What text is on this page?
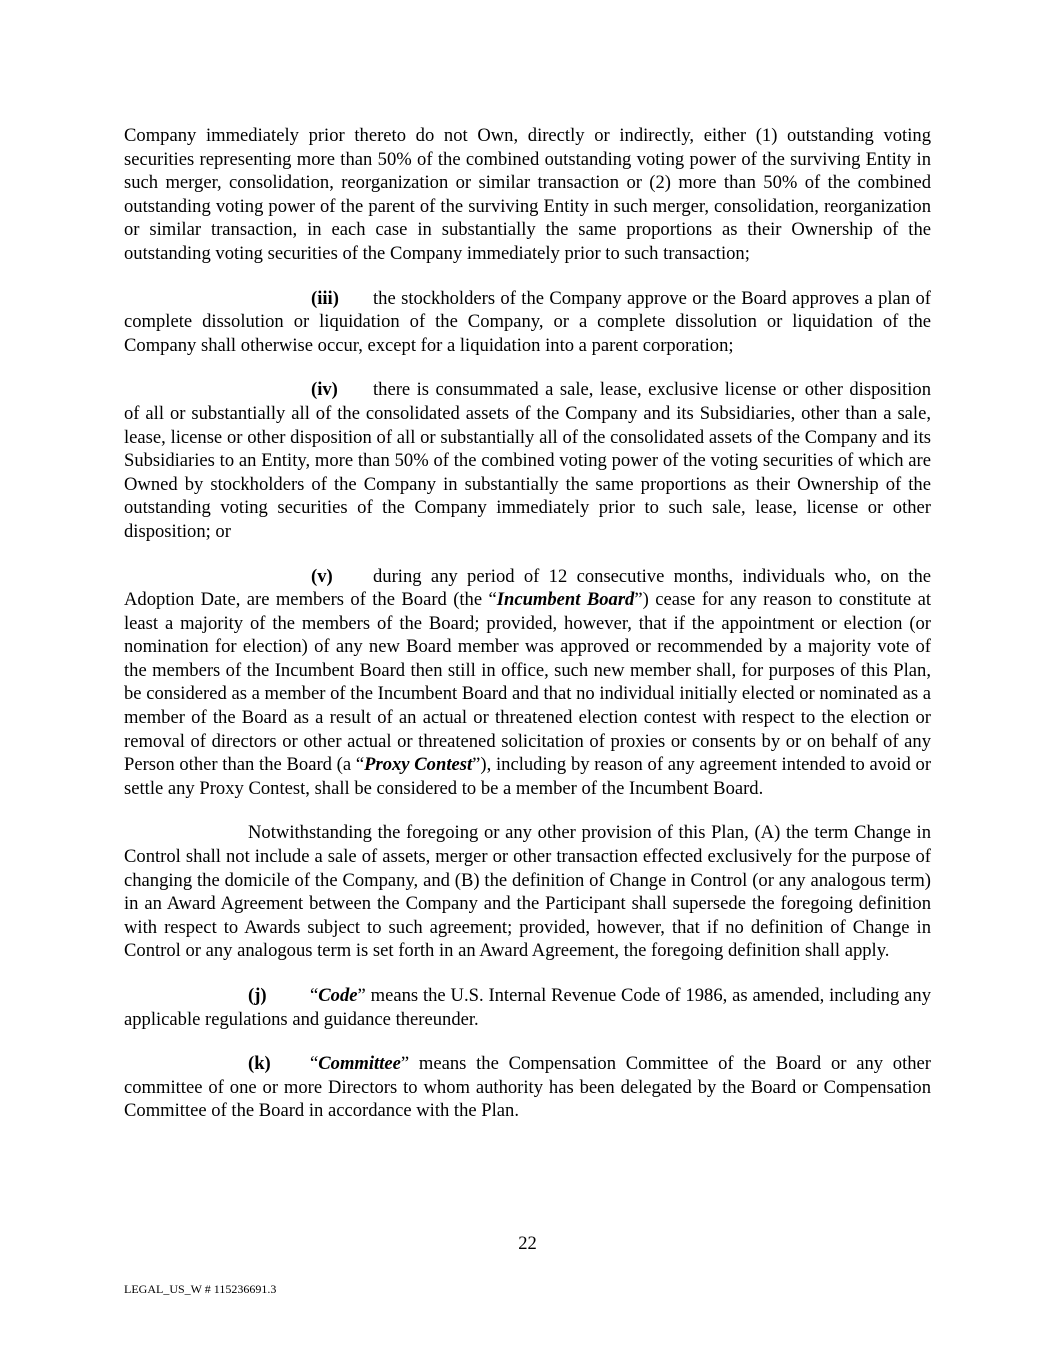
Company immediately prior thereto do not Own, directly or indirectly, either (1) outstanding voting securities representing more than 50% of the combined outstanding voting power of the surviving Entity in such merger, consolidation, reorganization or similar transaction or (2) more than 50% of the combined outstanding voting power of the parent of the surviving Entity in such merger, consolidation, reorganization or similar transaction, in each case in substantially the same proportions as their Ownership of the outstanding voting securities of the Company immediately prior to such transaction;

(iii) the stockholders of the Company approve or the Board approves a plan of complete dissolution or liquidation of the Company, or a complete dissolution or liquidation of the Company shall otherwise occur, except for a liquidation into a parent corporation;

(iv) there is consummated a sale, lease, exclusive license or other disposition of all or substantially all of the consolidated assets of the Company and its Subsidiaries, other than a sale, lease, license or other disposition of all or substantially all of the consolidated assets of the Company and its Subsidiaries to an Entity, more than 50% of the combined voting power of the voting securities of which are Owned by stockholders of the Company in substantially the same proportions as their Ownership of the outstanding voting securities of the Company immediately prior to such sale, lease, license or other disposition; or

(v) during any period of 12 consecutive months, individuals who, on the Adoption Date, are members of the Board (the “Incumbent Board”) cease for any reason to constitute at least a majority of the members of the Board; provided, however, that if the appointment or election (or nomination for election) of any new Board member was approved or recommended by a majority vote of the members of the Incumbent Board then still in office, such new member shall, for purposes of this Plan, be considered as a member of the Incumbent Board and that no individual initially elected or nominated as a member of the Board as a result of an actual or threatened election contest with respect to the election or removal of directors or other actual or threatened solicitation of proxies or consents by or on behalf of any Person other than the Board (a “Proxy Contest”), including by reason of any agreement intended to avoid or settle any Proxy Contest, shall be considered to be a member of the Incumbent Board.

Notwithstanding the foregoing or any other provision of this Plan, (A) the term Change in Control shall not include a sale of assets, merger or other transaction effected exclusively for the purpose of changing the domicile of the Company, and (B) the definition of Change in Control (or any analogous term) in an Award Agreement between the Company and the Participant shall supersede the foregoing definition with respect to Awards subject to such agreement; provided, however, that if no definition of Change in Control or any analogous term is set forth in an Award Agreement, the foregoing definition shall apply.

(j) “Code” means the U.S. Internal Revenue Code of 1986, as amended, including any applicable regulations and guidance thereunder.

(k) “Committee” means the Compensation Committee of the Board or any other committee of one or more Directors to whom authority has been delegated by the Board or Compensation Committee of the Board in accordance with the Plan.

22
LEGAL_US_W # 115236691.3
